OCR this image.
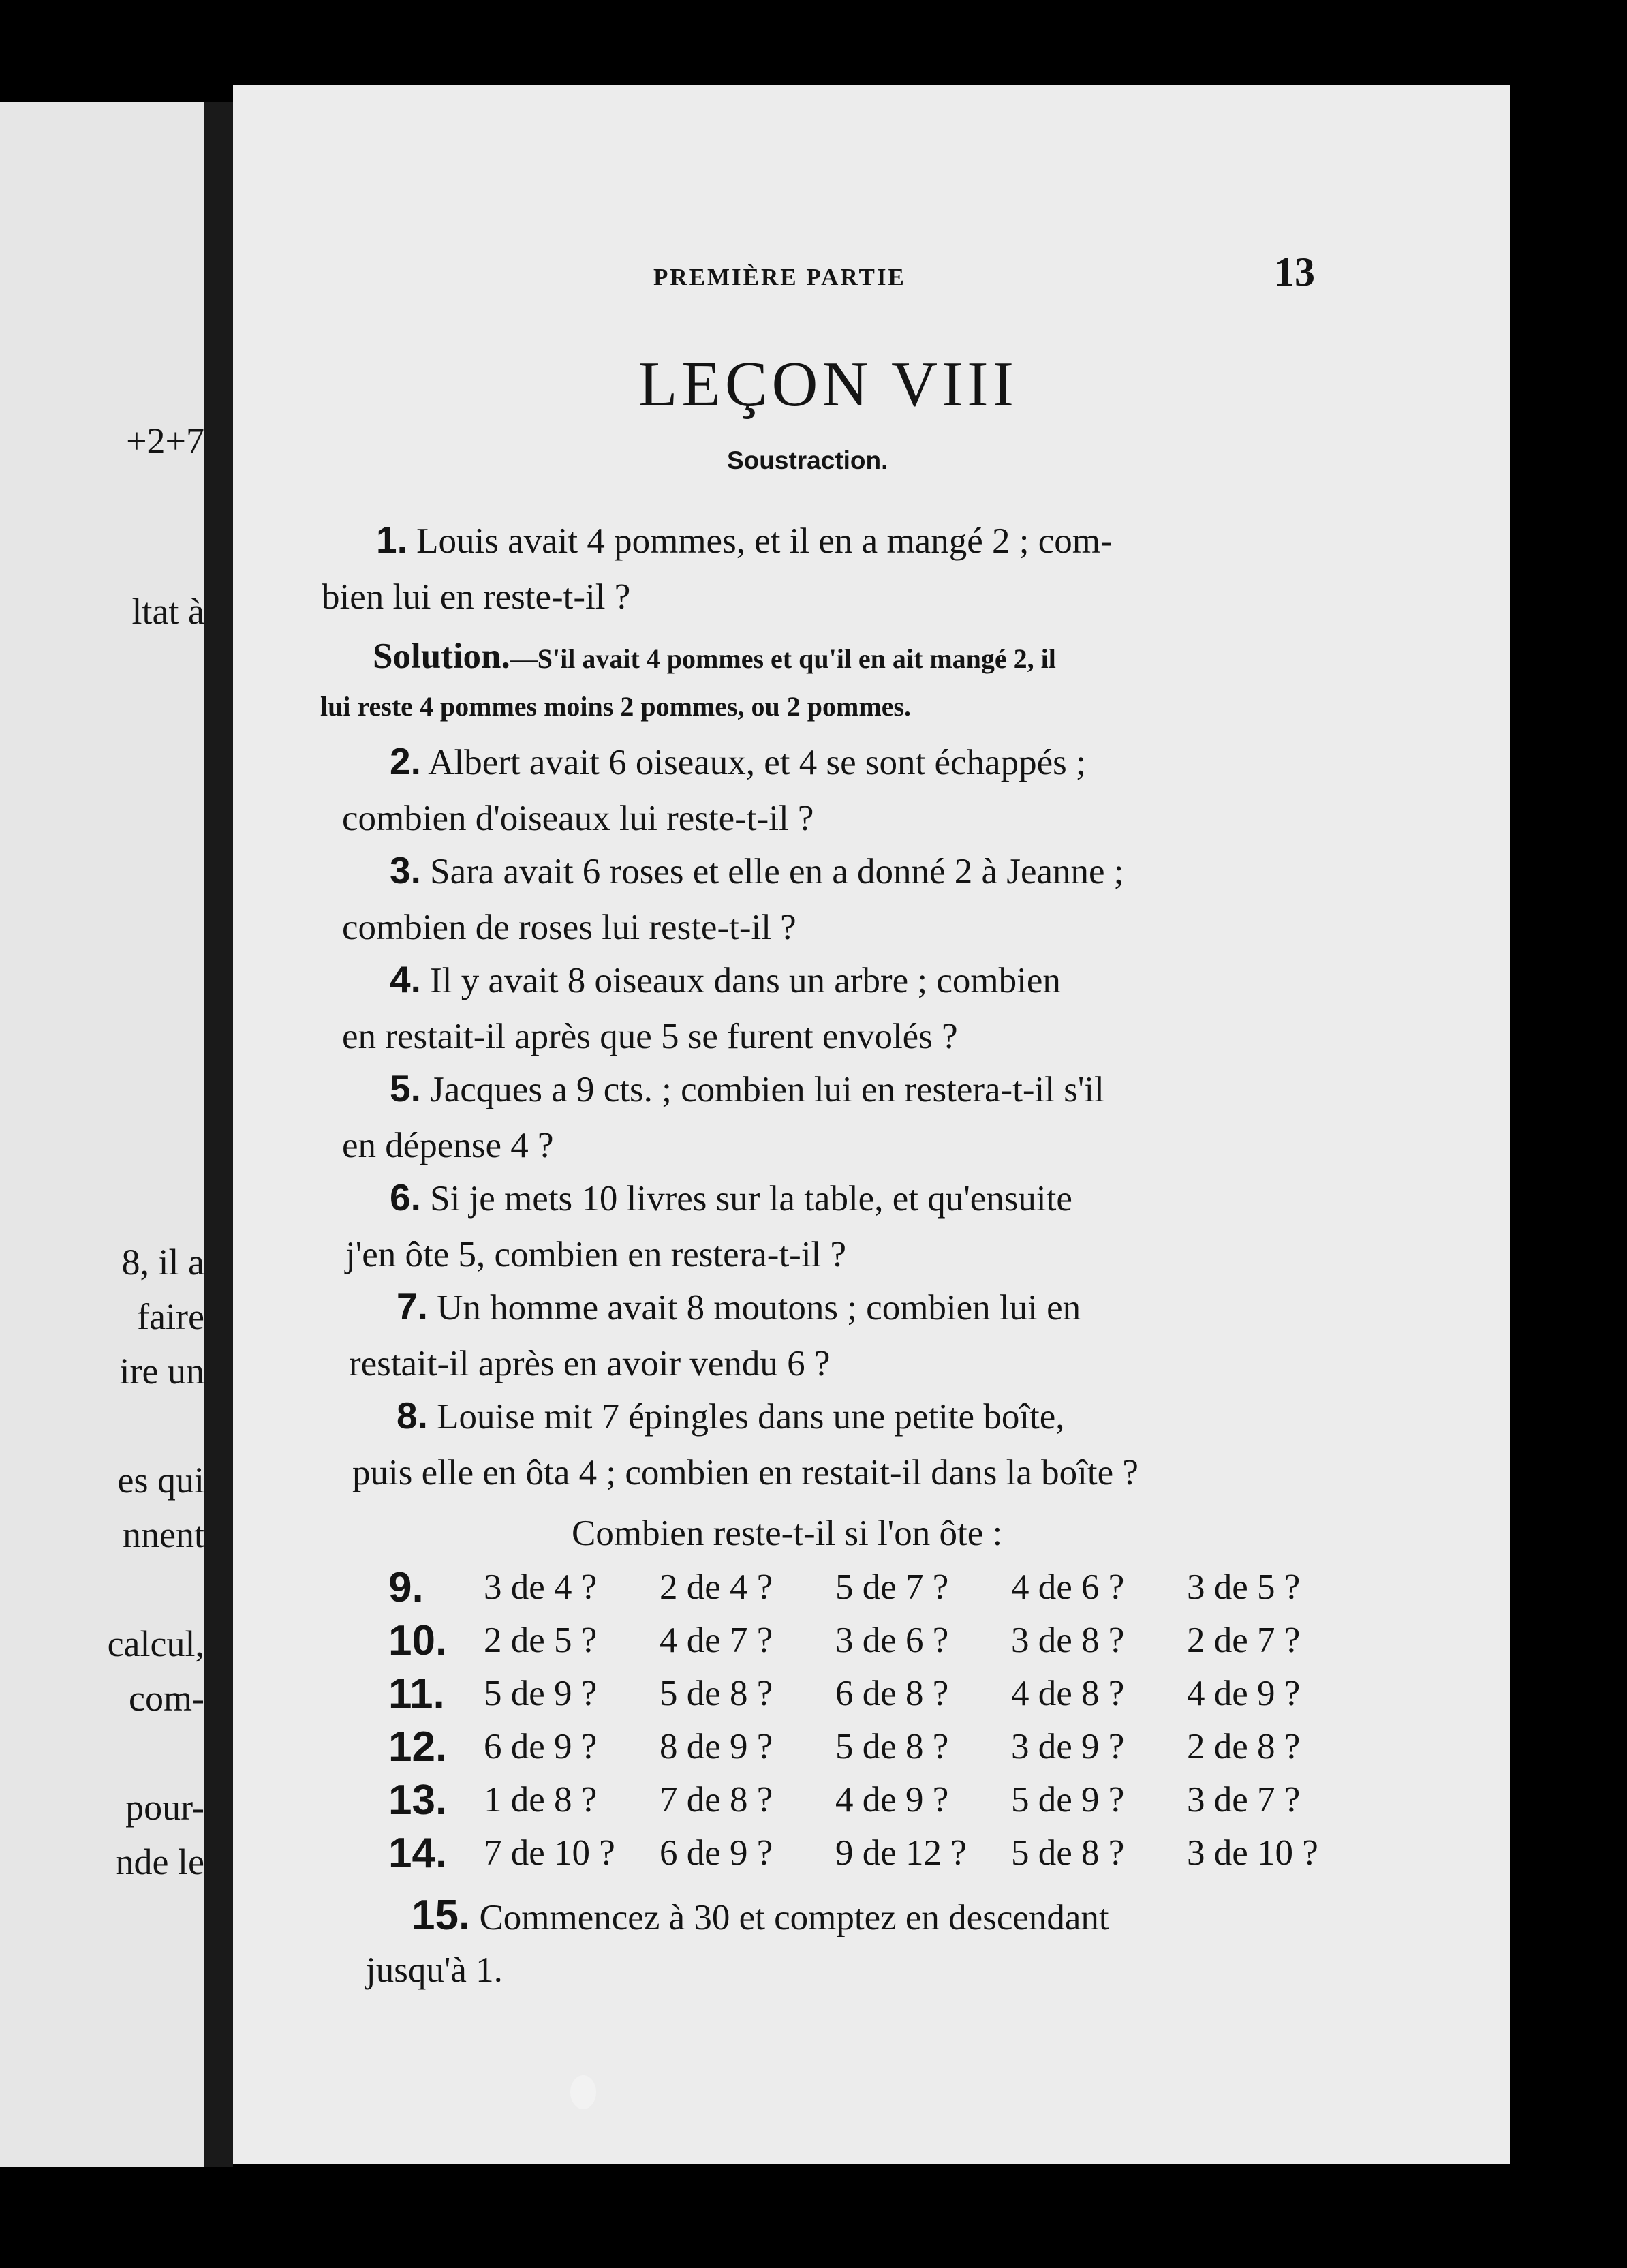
+2+7
ltat à
8, il a
faire
ire un
es qui
nnent
calcul,
com-
pour-
nde le
PREMIÈRE PARTIE	13
LEÇON VIII
Soustraction.
1. Louis avait 4 pommes, et il en a mangé 2 ; com-
bien lui en reste-t-il ?
Solution.—S'il avait 4 pommes et qu'il en ait mangé 2, il
lui reste 4 pommes moins 2 pommes, ou 2 pommes.
2. Albert avait 6 oiseaux, et 4 se sont échappés ;
combien d'oiseaux lui reste-t-il ?
3. Sara avait 6 roses et elle en a donné 2 à Jeanne ;
combien de roses lui reste-t-il ?
4. Il y avait 8 oiseaux dans un arbre ; combien
en restait-il après que 5 se furent envolés ?
5. Jacques a 9 cts. ; combien lui en restera-t-il s'il
en dépense 4 ?
6. Si je mets 10 livres sur la table, et qu'ensuite
j'en ôte 5, combien en restera-t-il ?
7. Un homme avait 8 moutons ; combien lui en
restait-il après en avoir vendu 6 ?
8. Louise mit 7 épingles dans une petite boîte,
puis elle en ôta 4 ; combien en restait-il dans la boîte ?
Combien reste-t-il si l'on ôte :
9.	3 de 4 ?	2 de 4 ?	5 de 7 ?	4 de 6 ?	3 de 5 ?
10.	2 de 5 ?	4 de 7 ?	3 de 6 ?	3 de 8 ?	2 de 7 ?
11.	5 de 9 ?	5 de 8 ?	6 de 8 ?	4 de 8 ?	4 de 9 ?
12.	6 de 9 ?	8 de 9 ?	5 de 8 ?	3 de 9 ?	2 de 8 ?
13.	1 de 8 ?	7 de 8 ?	4 de 9 ?	5 de 9 ?	3 de 7 ?
14.	7 de 10 ?	6 de 9 ?	9 de 12 ?	5 de 8 ?	3 de 10 ?
15. Commencez à 30 et comptez en descendant
jusqu'à 1.
